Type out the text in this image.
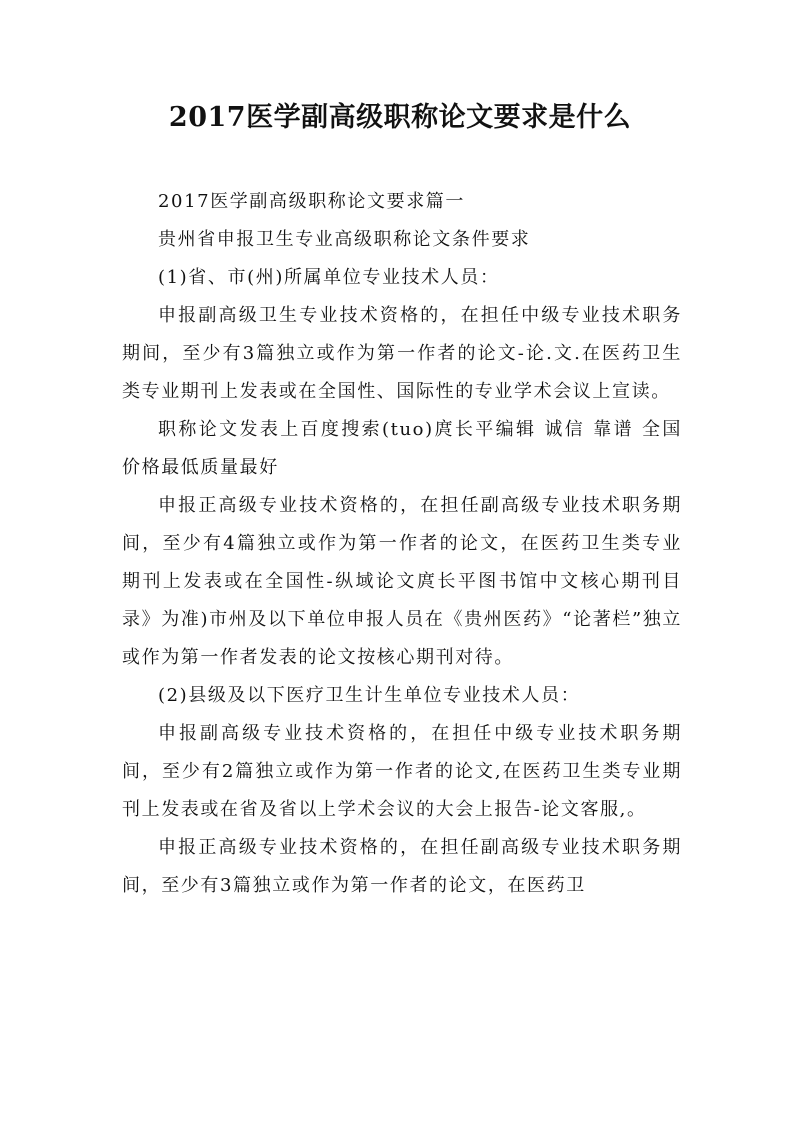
2017医学副高级职称论文要求是什么

2017医学副高级职称论文要求篇一

贵州省申报卫生专业高级职称论文条件要求

(1)省、市(州)所属单位专业技术人员：

申报副高级卫生专业技术资格的，在担任中级专业技术职务期间，至少有3篇独立或作为第一作者的论文-论.文.在医药卫生类专业期刊上发表或在全国性、国际性的专业学术会议上宣读。

职称论文发表上百度搜索(tuo)庹长平编辑 诚信 靠谱 全国价格最低质量最好

申报正高级专业技术资格的，在担任副高级专业技术职务期间，至少有4篇独立或作为第一作者的论文，在医药卫生类专业期刊上发表或在全国性-纵域论文庹长平图书馆中文核心期刊目录》为准)市州及以下单位申报人员在《贵州医药》“论著栏”独立或作为第一作者发表的论文按核心期刊对待。

(2)县级及以下医疗卫生计生单位专业技术人员：

申报副高级专业技术资格的，在担任中级专业技术职务期间，至少有2篇独立或作为第一作者的论文,在医药卫生类专业期刊上发表或在省及省以上学术会议的大会上报告-论文客服,。

申报正高级专业技术资格的，在担任副高级专业技术职务期间，至少有3篇独立或作为第一作者的论文，在医药卫
